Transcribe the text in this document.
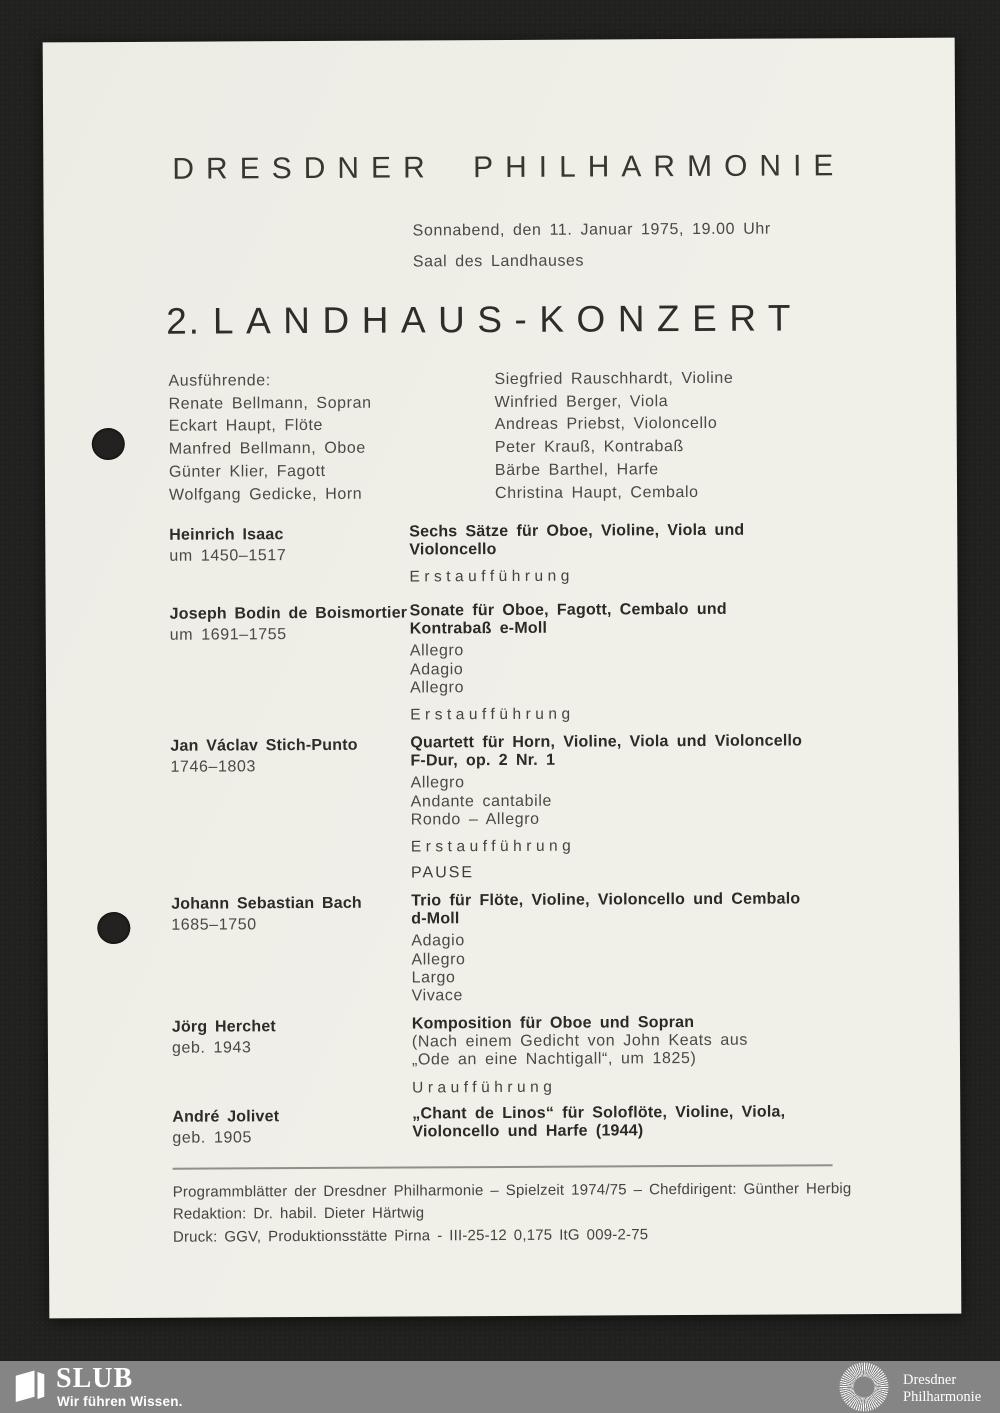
DRESDNER PHILHARMONIE
Sonnabend, den 11. Januar 1975, 19.00 Uhr
Saal des Landhauses
2. LANDHAUS-KONZERT
Ausführende:
Renate Bellmann, Sopran
Eckart Haupt, Flöte
Manfred Bellmann, Oboe
Günter Klier, Fagott
Wolfgang Gedicke, Horn
Siegfried Rauschhardt, Violine
Winfried Berger, Viola
Andreas Priebst, Violoncello
Peter Krauß, Kontrabaß
Bärbe Barthel, Harfe
Christina Haupt, Cembalo
Heinrich Isaac
um 1450–1517
Sechs Sätze für Oboe, Violine, Viola und
Violoncello
Erstaufführung
Joseph Bodin de Boismortier
um 1691–1755
Sonate für Oboe, Fagott, Cembalo und
Kontrabaß e-Moll
Allegro
Adagio
Allegro
Erstaufführung
Jan Václav Stich-Punto
1746–1803
Quartett für Horn, Violine, Viola und Violoncello
F-Dur, op. 2 Nr. 1
Allegro
Andante cantabile
Rondo – Allegro
Erstaufführung
PAUSE
Johann Sebastian Bach
1685–1750
Trio für Flöte, Violine, Violoncello und Cembalo
d-Moll
Adagio
Allegro
Largo
Vivace
Jörg Herchet
geb. 1943
Komposition für Oboe und Sopran
(Nach einem Gedicht von John Keats aus
„Ode an eine Nachtigall“, um 1825)
Uraufführung
André Jolivet
geb. 1905
„Chant de Linos“ für Soloflöte, Violine, Viola,
Violoncello und Harfe (1944)
Programmblätter der Dresdner Philharmonie – Spielzeit 1974/75 – Chefdirigent: Günther Herbig
Redaktion: Dr. habil. Dieter Härtwig
Druck: GGV, Produktionsstätte Pirna - III-25-12 0,175 ItG 009-2-75
SLUB
Wir führen Wissen.
Dresdner
Philharmonie
